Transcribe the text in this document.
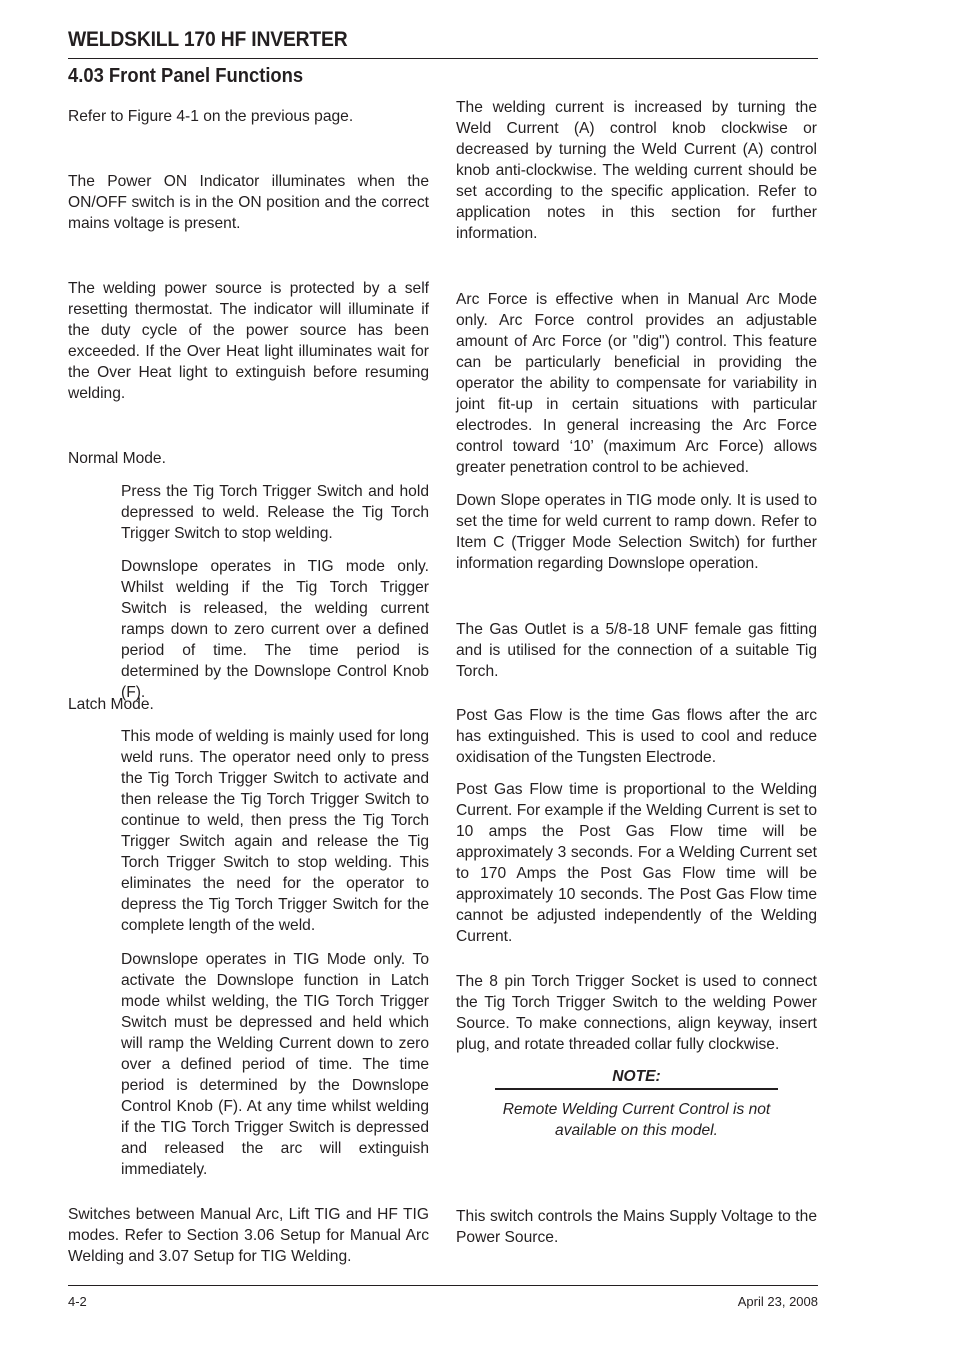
WELDSKILL 170 HF INVERTER
4.03 Front Panel Functions

Refer to Figure 4-1 on the previous page.

The Power ON Indicator illuminates when the ON/OFF switch is in the ON position and the correct mains voltage is present.

The welding power source is protected by a self resetting thermostat. The indicator will illuminate if the duty cycle of the power source has been exceeded. If the Over Heat light illuminates wait for the Over Heat light to extinguish before resuming welding.

Normal Mode.

Press the Tig Torch Trigger Switch and hold depressed to weld. Release the Tig Torch Trigger Switch to stop welding.

Downslope operates in TIG mode only. Whilst welding if the Tig Torch Trigger Switch is released, the welding current ramps down to zero current over a defined period of time. The time period is determined by the Downslope Control Knob (F).

Latch Mode.

This mode of welding is mainly used for long weld runs. The operator need only to press the Tig Torch Trigger Switch to activate and then release the Tig Torch Trigger Switch to continue to weld, then press the Tig Torch Trigger Switch again and release the Tig Torch Trigger Switch to stop welding. This eliminates the need for the operator to depress the Tig Torch Trigger Switch for the complete length of the weld.

Downslope operates in TIG Mode only. To activate the Downslope function in Latch mode whilst welding, the TIG Torch Trigger Switch must be depressed and held which will ramp the Welding Current down to zero over a defined period of time. The time period is determined by the Downslope Control Knob (F). At any time whilst welding if the TIG Torch Trigger Switch is depressed and released the arc will extinguish immediately.

Switches between Manual Arc, Lift TIG and HF TIG modes. Refer to Section 3.06 Setup for Manual Arc Welding and 3.07 Setup for TIG Welding.

The welding current is increased by turning the Weld Current (A) control knob clockwise or decreased by turning the Weld Current (A) control knob anti-clockwise. The welding current should be set according to the specific application. Refer to application notes in this section for further information.

Arc Force is effective when in Manual Arc Mode only. Arc Force control provides an adjustable amount of Arc Force (or "dig") control. This feature can be particularly beneficial in providing the operator the ability to compensate for variability in joint fit-up in certain situations with particular electrodes. In general increasing the Arc Force control toward ‘10’ (maximum Arc Force) allows greater penetration control to be achieved.

Down Slope operates in TIG mode only. It is used to set the time for weld current to ramp down. Refer to Item C (Trigger Mode Selection Switch) for further information regarding Downslope operation.

The Gas Outlet is a 5/8-18 UNF female gas fitting and is utilised for the connection of a suitable Tig Torch.

Post Gas Flow is the time Gas flows after the arc has extinguished. This is used to cool and reduce oxidisation of the Tungsten Electrode.

Post Gas Flow time is proportional to the Welding Current. For example if the Welding Current is set to 10 amps the Post Gas Flow time will be approximately 3 seconds. For a Welding Current set to 170 Amps the Post Gas Flow time will be approximately 10 seconds. The Post Gas Flow time cannot be adjusted independently of the Welding Current.

The 8 pin Torch Trigger Socket is used to connect the Tig Torch Trigger Switch to the welding Power Source. To make connections, align keyway, insert plug, and rotate threaded collar fully clockwise.

NOTE:
Remote Welding Current Control is not available on this model.

This switch controls the Mains Supply Voltage to the Power Source.

4-2	April 23, 2008
